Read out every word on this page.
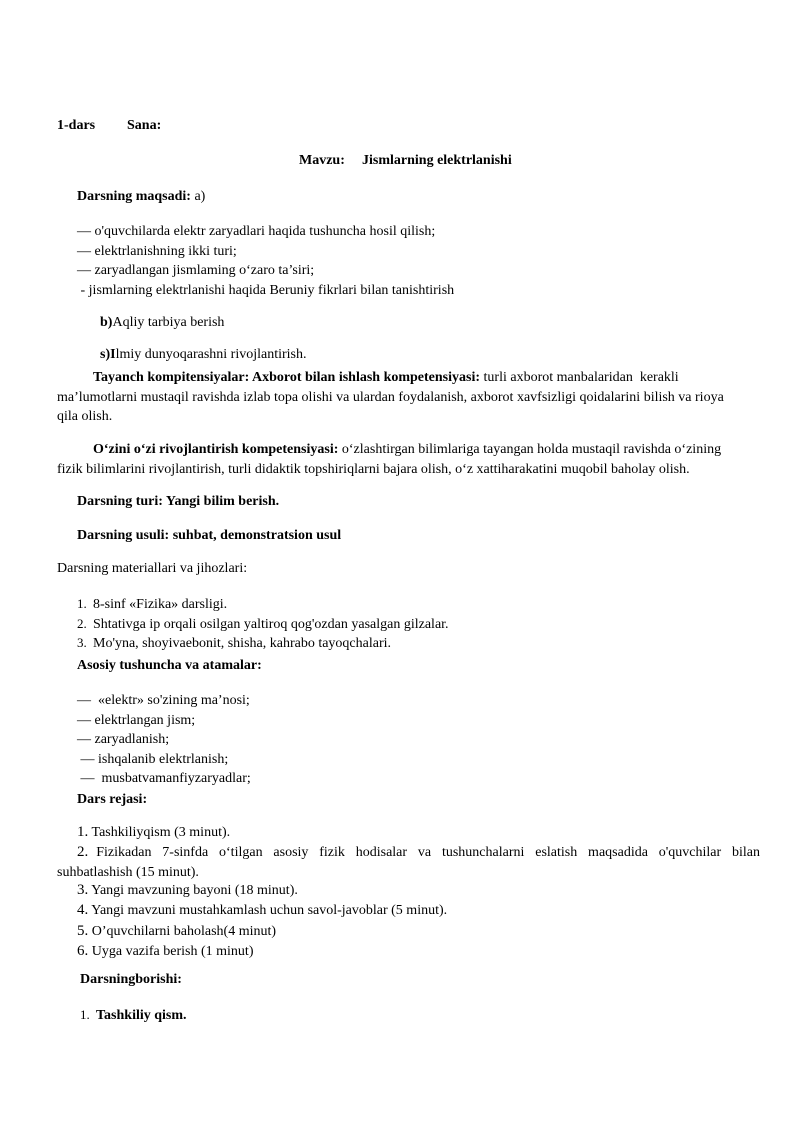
1-dars Sana:
Mavzu: Jismlarning elektrlanishi
Darsning maqsadi: a)
— o'quvchilarda elektr zaryadlari haqida tushuncha hosil qilish;
— elektrlanishning ikki turi;
— zaryadlangan jismlaming o‘zaro ta’siri;
- jismlarning elektrlanishi haqida Beruniy fikrlari bilan tanishtirish
b)Aqliy tarbiya berish
s)Ilmiy dunyoqarashni rivojlantirish.
Tayanch kompitensiyalar: Axborot bilan ishlash kompetensiyasi: turli axborot manbalaridan  kerakli
ma’lumotlarni mustaqil ravishda izlab topa olishi va ulardan foydalanish, axborot xavfsizligi qoidalarini bilish va rioya
qila olish.
O‘zini o‘zi rivojlantirish kompetensiyasi: o‘zlashtirgan bilimlariga tayangan holda mustaqil ravishda o‘zining
fizik bilimlarini rivojlantirish, turli didaktik topshiriqlarni bajara olish, o‘z xattiharakatini muqobil baholay olish.
Darsning turi: Yangi bilim berish.
Darsning usuli: suhbat, demonstratsion usul
Darsning materiallari va jihozlari:
1. 8-sinf «Fizika» darsligi.
2. Shtativga ip orqali osilgan yaltiroq qog'ozdan yasalgan gilzalar.
3. Mo'yna, shoyivaebonit, shisha, kahrabo tayoqchalari.
Asosiy tushuncha va atamalar:
—  «elektr» so'zining ma’nosi;
— elektrlangan jism;
— zaryadlanish;
— ishqalanib elektrlanish;
—  musbatvamanfiyzaryadlar;
Dars rejasi:
1. Tashkiliyqism (3 minut).
2. Fizikadan 7-sinfda o‘tilgan asosiy fizik hodisalar va tushunchalarni eslatish maqsadida o'quvchilar bilan
suhbatlashish (15 minut).
3. Yangi mavzuning bayoni (18 minut).
4. Yangi mavzuni mustahkamlash uchun savol-javoblar (5 minut).
5. O’quvchilarni baholash(4 minut)
6. Uyga vazifa berish (1 minut)
Darsningborishi:
1. Tashkiliy qism.
